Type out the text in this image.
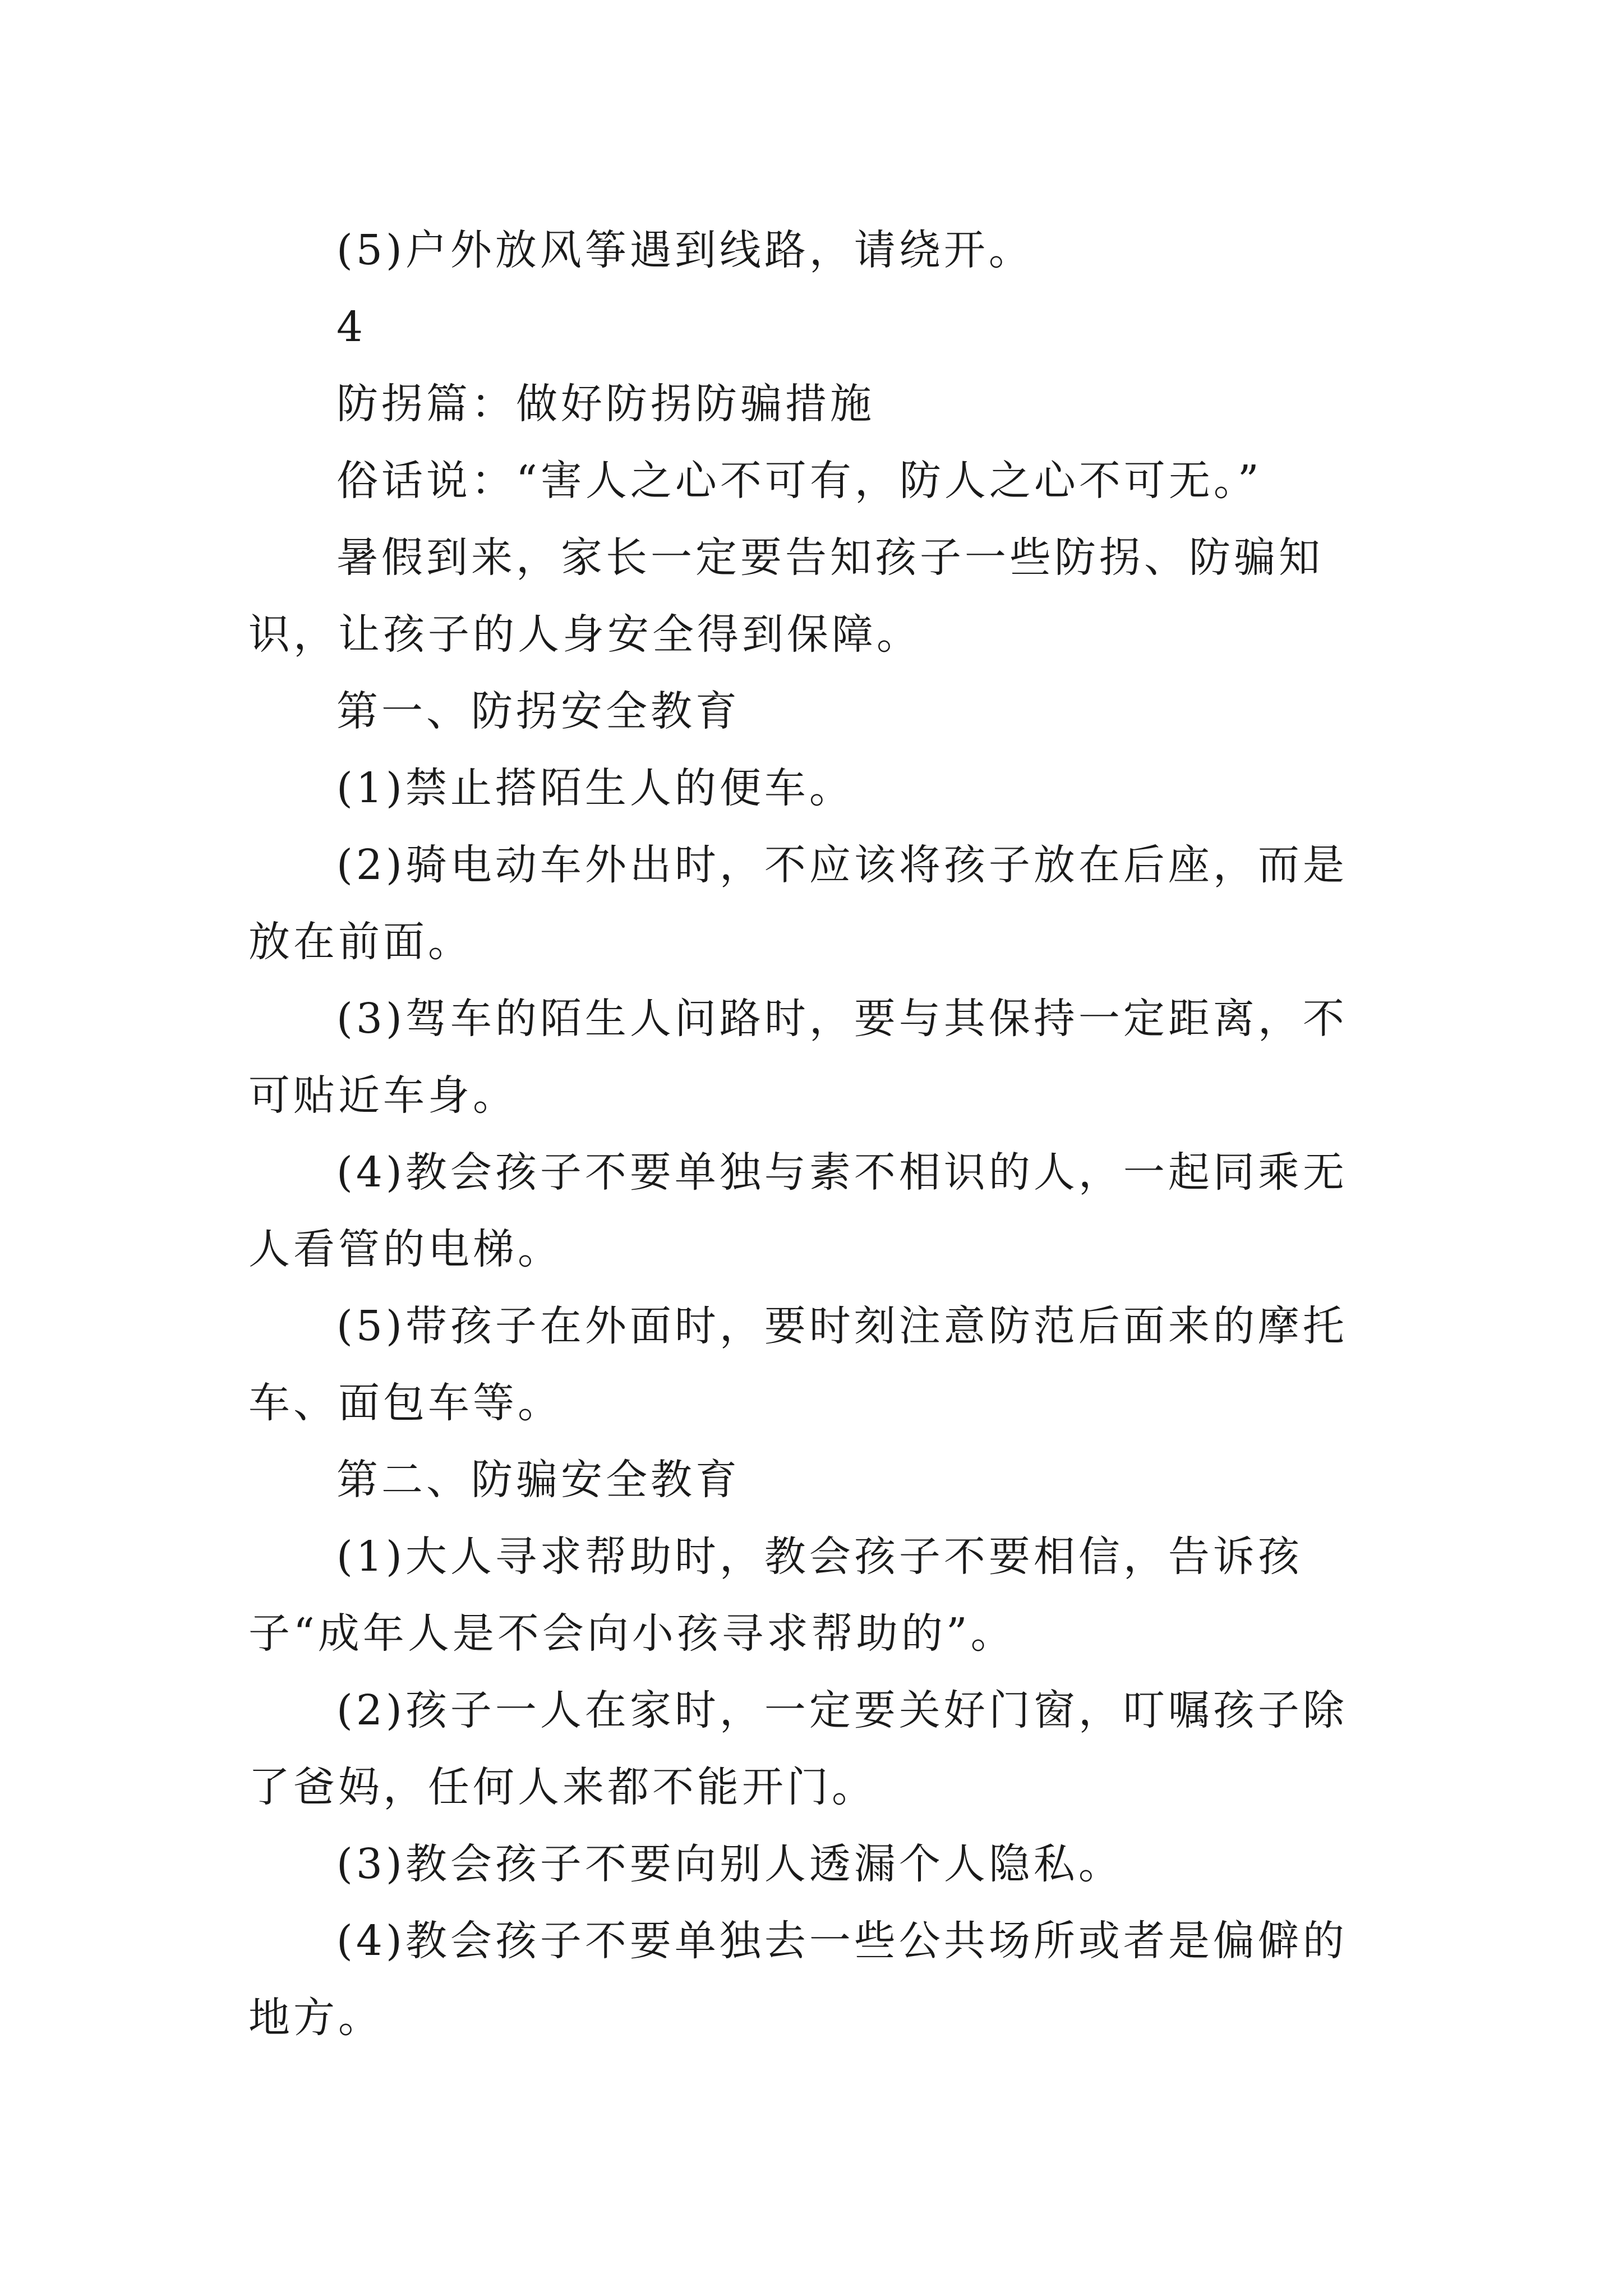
(5)户外放风筝遇到线路，请绕开。

4

防拐篇：做好防拐防骗措施

俗话说：“害人之心不可有，防人之心不可无。”

暑假到来，家长一定要告知孩子一些防拐、防骗知识，让孩子的人身安全得到保障。

第一、防拐安全教育

(1)禁止搭陌生人的便车。

(2)骑电动车外出时，不应该将孩子放在后座，而是放在前面。

(3)驾车的陌生人问路时，要与其保持一定距离，不可贴近车身。

(4)教会孩子不要单独与素不相识的人，一起同乘无人看管的电梯。

(5)带孩子在外面时，要时刻注意防范后面来的摩托车、面包车等。

第二、防骗安全教育

(1)大人寻求帮助时，教会孩子不要相信，告诉孩子“成年人是不会向小孩寻求帮助的”。

(2)孩子一人在家时，一定要关好门窗，叮嘱孩子除了爸妈，任何人来都不能开门。

(3)教会孩子不要向别人透漏个人隐私。

(4)教会孩子不要单独去一些公共场所或者是偏僻的地方。
